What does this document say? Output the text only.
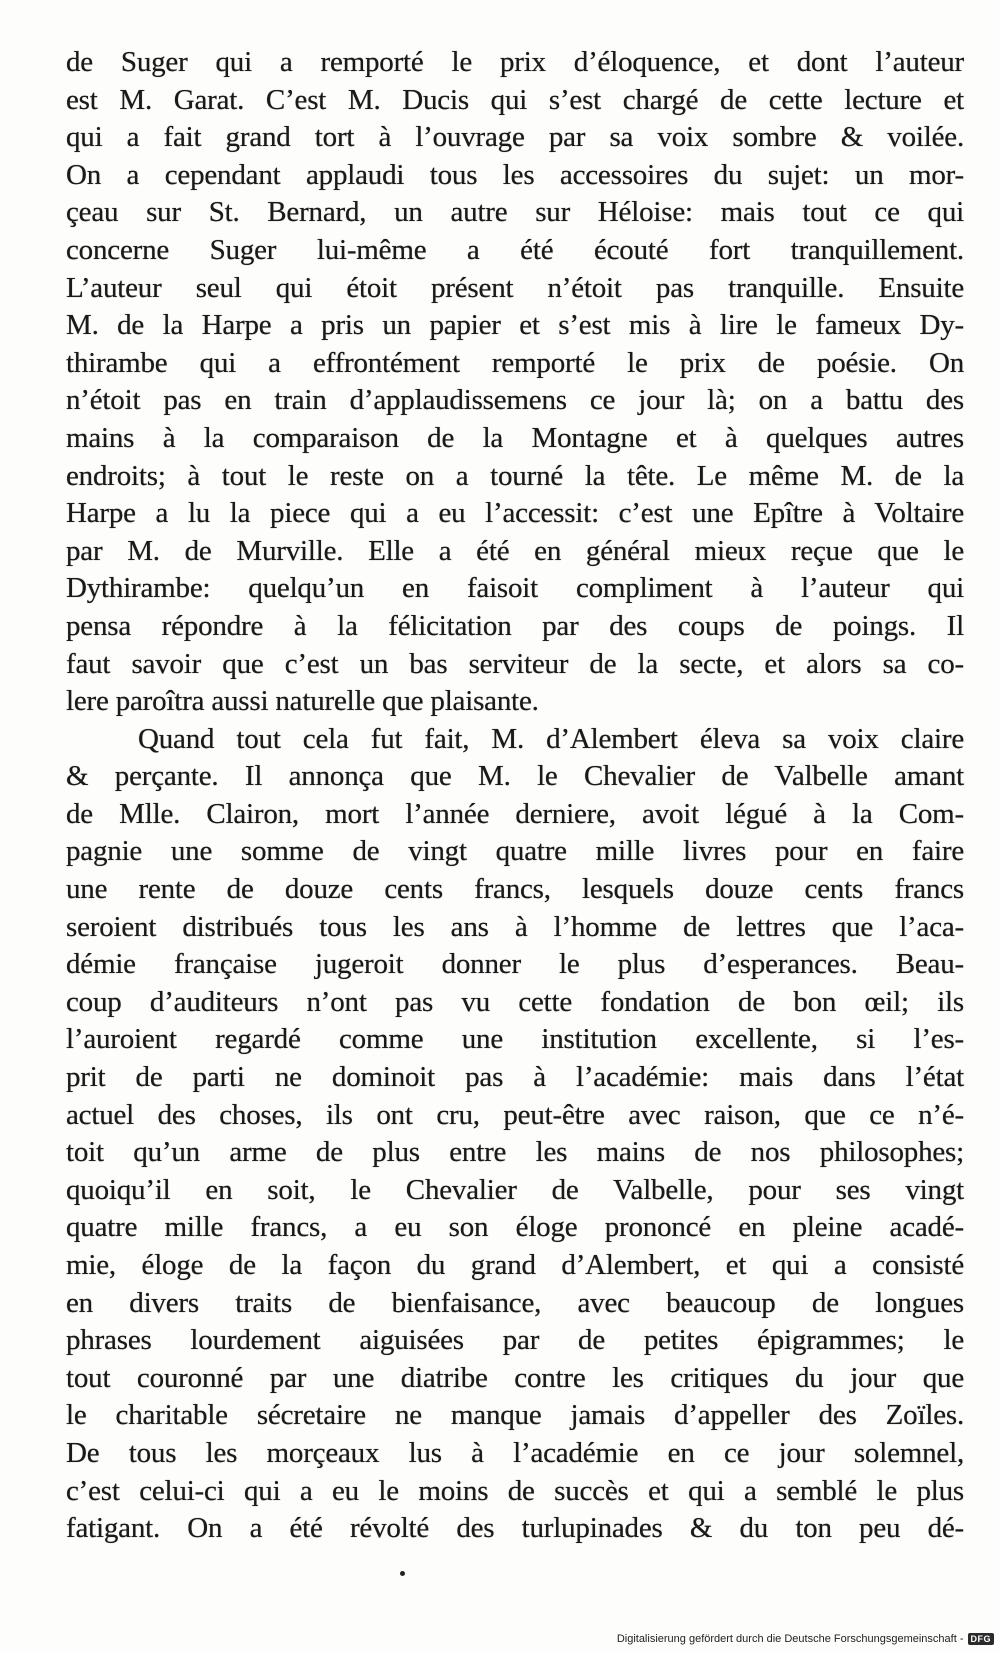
de Suger qui a remporté le prix d’éloquence, et dont l’auteur
est M. Garat. C’est M. Ducis qui s’est chargé de cette lecture et
qui a fait grand tort à l’ouvrage par sa voix sombre & voilée.
On a cependant applaudi tous les accessoires du sujet: un mor-
çeau sur St. Bernard, un autre sur Héloise: mais tout ce qui
concerne Suger lui-même a été écouté fort tranquillement.
L’auteur seul qui étoit présent n’étoit pas tranquille. Ensuite
M. de la Harpe a pris un papier et s’est mis à lire le fameux Dy-
thirambe qui a effrontément remporté le prix de poésie. On
n’étoit pas en train d’applaudissemens ce jour là; on a battu des
mains à la comparaison de la Montagne et à quelques autres
endroits; à tout le reste on a tourné la tête. Le même M. de la
Harpe a lu la piece qui a eu l’accessit: c’est une Epître à Voltaire
par M. de Murville. Elle a été en général mieux reçue que le
Dythirambe: quelqu’un en faisoit compliment à l’auteur qui
pensa répondre à la félicitation par des coups de poings. Il
faut savoir que c’est un bas serviteur de la secte, et alors sa co-
lere paroîtra aussi naturelle que plaisante.
Quand tout cela fut fait, M. d’Alembert éleva sa voix claire
& perçante. Il annonça que M. le Chevalier de Valbelle amant
de Mlle. Clairon, mort l’année derniere, avoit légué à la Com-
pagnie une somme de vingt quatre mille livres pour en faire
une rente de douze cents francs, lesquels douze cents francs
seroient distribués tous les ans à l’homme de lettres que l’aca-
démie française jugeroit donner le plus d’esperances. Beau-
coup d’auditeurs n’ont pas vu cette fondation de bon œil; ils
l’auroient regardé comme une institution excellente, si l’es-
prit de parti ne dominoit pas à l’académie: mais dans l’état
actuel des choses, ils ont cru, peut-être avec raison, que ce n’é-
toit qu’un arme de plus entre les mains de nos philosophes;
quoiqu’il en soit, le Chevalier de Valbelle, pour ses vingt
quatre mille francs, a eu son éloge prononcé en pleine acadé-
mie, éloge de la façon du grand d’Alembert, et qui a consisté
en divers traits de bienfaisance, avec beaucoup de longues
phrases lourdement aiguisées par de petites épigrammes; le
tout couronné par une diatribe contre les critiques du jour que
le charitable sécretaire ne manque jamais d’appeller des Zoïles.
De tous les morçeaux lus à l’académie en ce jour solemnel,
c’est celui-ci qui a eu le moins de succès et qui a semblé le plus
fatigant. On a été révolté des turlupinades & du ton peu dé-
Digitalisierung gefördert durch die Deutsche Forschungsgemeinschaft - DFG
